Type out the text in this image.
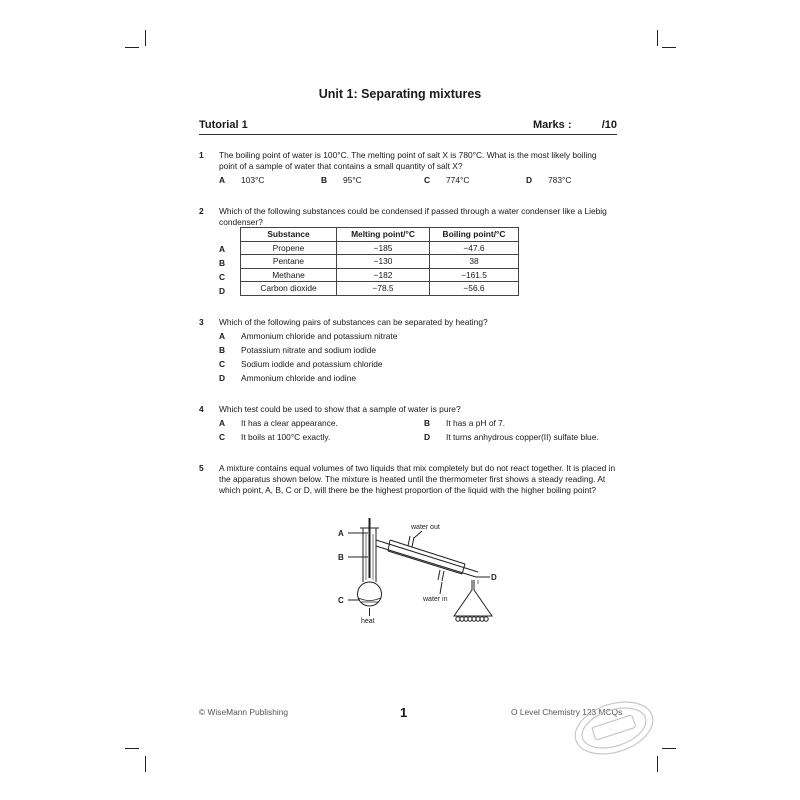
Unit 1: Separating mixtures
Tutorial 1	Marks :	/10
1 The boiling point of water is 100°C. The melting point of salt X is 780°C. What is the most likely boiling point of a sample of water that contains a small quantity of salt X?
A 103°C	B 95°C	C 774°C	D 783°C
2 Which of the following substances could be condensed if passed through a water condenser like a Liebig condenser?
A
B
C
D
Substance	Melting point/°C	Boiling point/°C
Propene	−185	−47.6
Pentane	−130	38
Methane	−182	−161.5
Carbon dioxide	−78.5	−56.6
3 Which of the following pairs of substances can be separated by heating?
A Ammonium chloride and potassium nitrate
B Potassium nitrate and sodium iodide
C Sodium iodide and potassium chloride
D Ammonium chloride and iodine
4 Which test could be used to show that a sample of water is pure?
A It has a clear appearance.	B It has a pH of 7.
C It boils at 100°C exactly.	D It turns anhydrous copper(II) sulfate blue.
5 A mixture contains equal volumes of two liquids that mix completely but do not react together. It is placed in the apparatus shown below. The mixture is heated until the thermometer first shows a steady reading. At which point, A, B, C or D, will there be the highest proportion of the liquid with the higher boiling point?
A
B
C
D
water out
water in
heat
© WiseMann Publishing	1	O Level Chemistry 123 MCQs
